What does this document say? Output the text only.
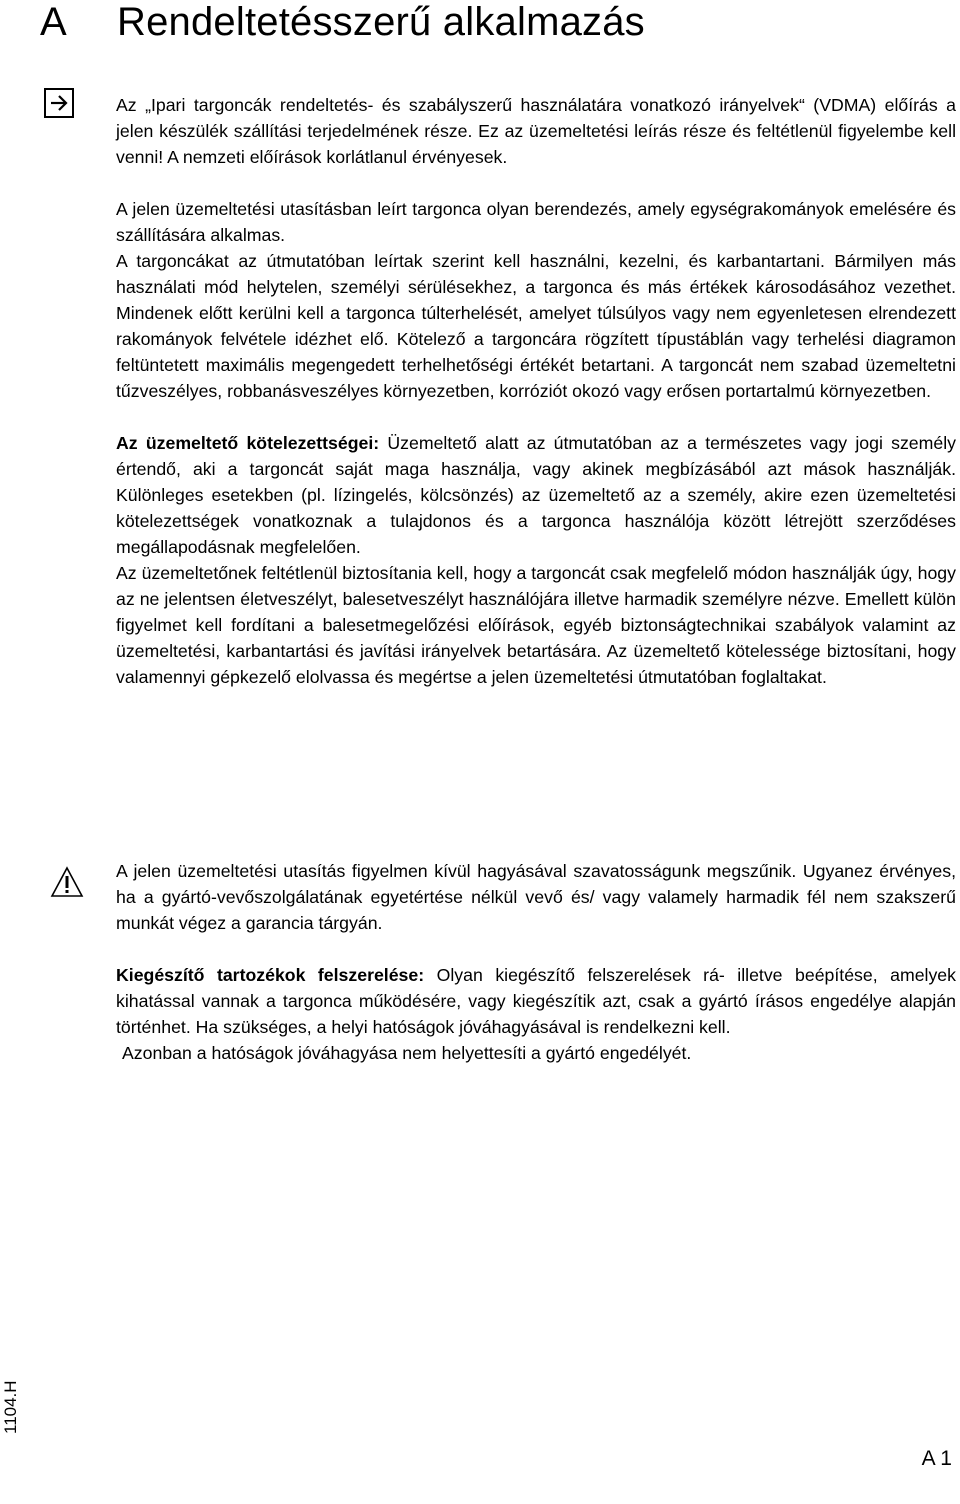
A Rendeltetésszerű alkalmazás

Az „Ipari targoncák rendeltetés- és szabályszerű használatára vonatkozó irányelvek“ (VDMA) előírás a jelen készülék szállítási terjedelmének része. Ez az üzemeltetési leírás része és feltétlenül figyelembe kell venni! A nemzeti előírások korlátlanul érvényesek.

A jelen üzemeltetési utasításban leírt targonca olyan berendezés, amely egységrakományok emelésére és szállítására alkalmas.

A targoncákat az útmutatóban leírtak szerint kell használni, kezelni, és karbantartani. Bármilyen más használati mód helytelen, személyi sérülésekhez, a targonca és más értékek károsodásához vezethet. Mindenek előtt kerülni kell a targonca túlterhelését, amelyet túlsúlyos vagy nem egyenletesen elrendezett rakományok felvétele idézhet elő. Kötelező a targoncára rögzített típustáblán vagy terhelési diagramon feltüntetett maximális megengedett terhelhetőségi értékét betartani. A targoncát nem szabad üzemeltetni tűzveszélyes, robbanásveszélyes környezetben, korróziót okozó vagy erősen portartalmú környezetben.

Az üzemeltető kötelezettségei: Üzemeltető alatt az útmutatóban az a természetes vagy jogi személy értendő, aki a targoncát saját maga használja, vagy akinek megbízásából azt mások használják. Különleges esetekben (pl. lízingelés, kölcsönzés) az üzemeltető az a személy, akire ezen üzemeltetési kötelezettségek vonatkoznak a tulajdonos és a targonca használója között létrejött szerződéses megállapodásnak megfelelően.

Az üzemeltetőnek feltétlenül biztosítania kell, hogy a targoncát csak megfelelő módon használják úgy, hogy az ne jelentsen életveszélyt, balesetveszélyt használójára illetve harmadik személyre nézve. Emellett külön figyelmet kell fordítani a balesetmegelőzési előírások, egyéb biztonságtechnikai szabályok valamint az üzemeltetési, karbantartási és javítási irányelvek betartására. Az üzemeltető kötelessége biztosítani, hogy valamennyi gépkezelő elolvassa és megértse a jelen üzemeltetési útmutatóban foglaltakat.

A jelen üzemeltetési utasítás figyelmen kívül hagyásával szavatosságunk megszűnik. Ugyanez érvényes, ha a gyártó-vevőszolgálatának egyetértése nélkül vevő és/ vagy valamely harmadik fél nem szakszerű munkát végez a garancia tárgyán.

Kiegészítő tartozékok felszerelése: Olyan kiegészítő felszerelések rá- illetve beépítése, amelyek kihatással vannak a targonca működésére, vagy kiegészítik azt, csak a gyártó írásos engedélye alapján történhet. Ha szükséges, a helyi hatóságok jóváhagyásával is rendelkezni kell.

Azonban a hatóságok jóváhagyása nem helyettesíti a gyártó engedélyét.

1104.H
A 1
